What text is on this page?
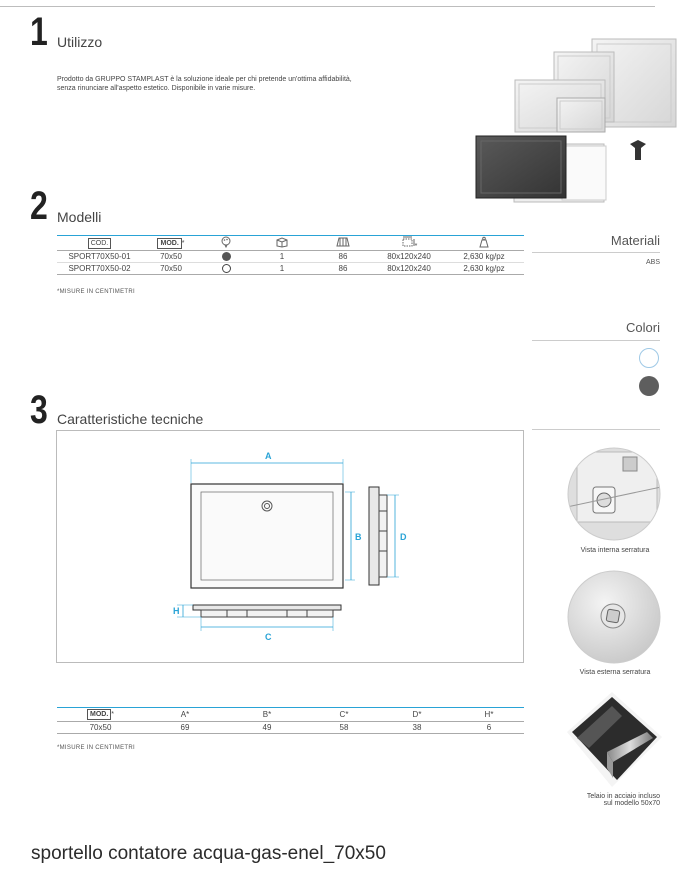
1 Utilizzo
Prodotto da GRUPPO STAMPLAST è la soluzione ideale per chi pretende un'ottima affidabilità,
senza rinunciare all'aspetto estetico. Disponibile in varie misure.
2 Modelli
COD.	MOD. *				*	
SPORT70X50-01	70x50		1	86	80x120x240	2,630 kg/pz
SPORT70X50-02	70x50		1	86	80x120x240	2,630 kg/pz
*MISURE IN CENTIMETRI
Materiali
ABS
Colori
3 Caratteristiche tecniche
A
B	D
H
C
MOD. *	A*	B*	C*	D*	H*
70x50	69	49	58	38	6
*MISURE IN CENTIMETRI
Vista interna serratura
Vista esterna serratura
Telaio in acciaio incluso
sul modello 50x70
sportello contatore acqua-gas-enel_70x50
